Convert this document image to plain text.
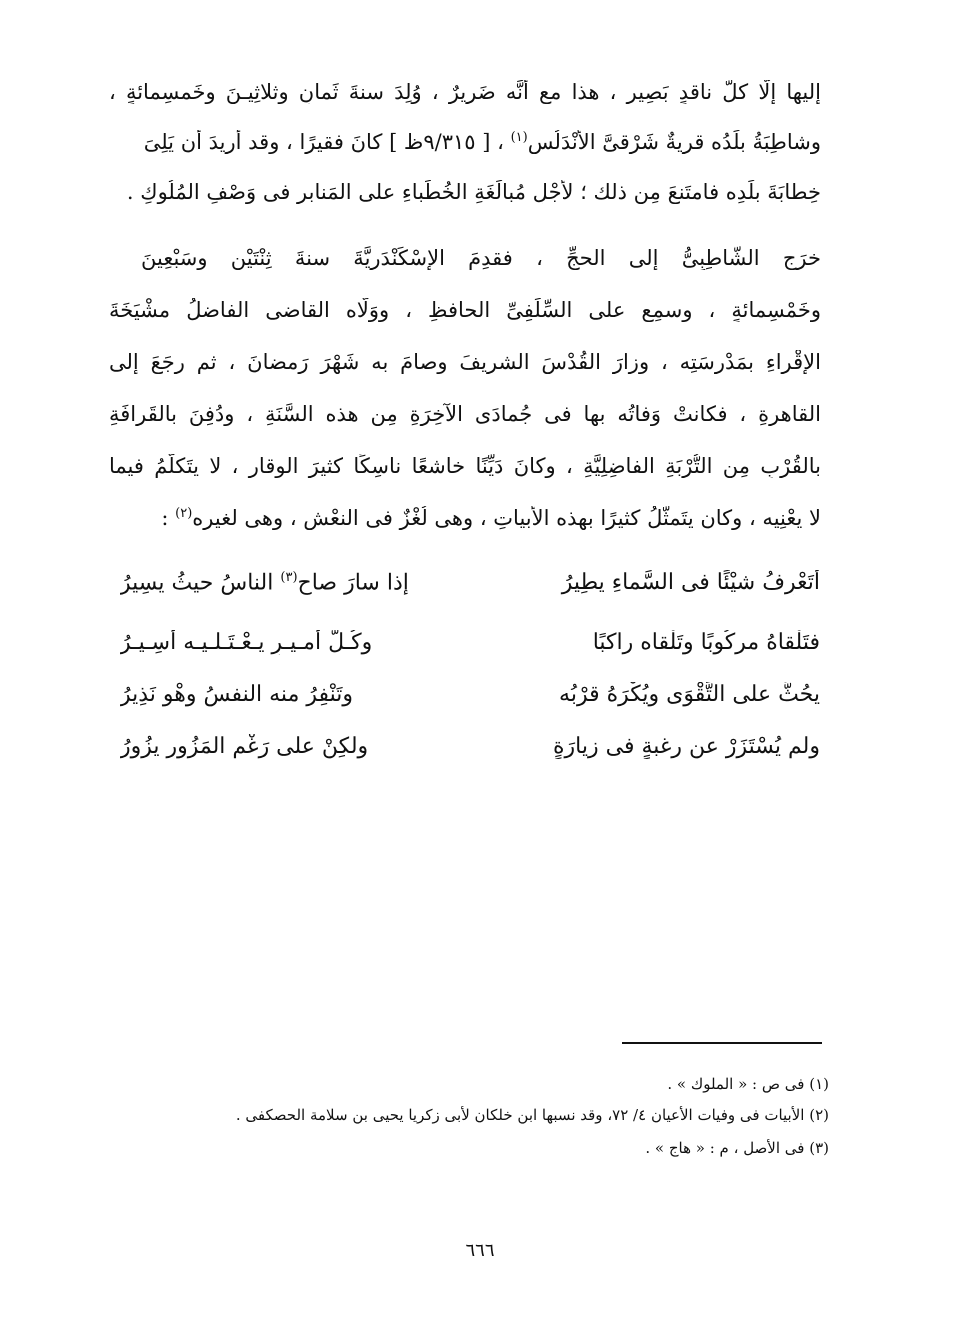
إليها إلَّا كلُّ ناقدٍ بَصِيرٍ ، هذا مع أنَّه ضَرِيرٌ ، وُلِدَ سنةَ ثَمانٍ وثلاثِيـنَ وخَمسِمائةٍ ،
وشاطِبَةُ بلَدُه قريةٌ شَرْقىَّ الأنْدَلُسِ$^{(١)}$ ، [ ٩/٣١٥ظ ] كانَ فقيرًا ، وقد أُرِيدَ أن يَلِىَ
خِطابَةَ بلَدِه فامتَنعَ مِن ذلك ؛ لأجْلِ مُبالَغَةِ الخُطَباءِ على المَنابرِ فى وَصْفِ المُلُوكِ .
خرَج الشَّاطِبِىُّ إلى الحجِّ ، فقدِمَ الإسْكَنْدَرِيَّةَ سنةَ ثِنْتَيْنِ وسَبْعِينَ
وخَمْسِمائةٍ ، وسمِع على السِّلَفِىِّ الحافظِ ، ووَلَّاه القاضى الفاضلُ مشْيَخَةَ
الإِقْراءِ بمَدْرسَتِه ، وزارَ القُدْسَ الشريفَ وصامَ به شَهْرَ رَمضانَ ، ثم رجَعَ إلى
القاهرةِ ، فكانتْ وَفاتُه بها فى جُمادَى الآخِرَةِ مِن هذه السَّنَةِ ، ودُفِنَ بالقَرافَةِ
بالقُرْبِ مِن التُّرْبَةِ الفاضِلِيَّةِ ، وكانَ دَيِّنًا خاشعًا ناسِكًا كثيرَ الوقارِ ، لا يتَكلَّمُ فيما
لا يعْنِيه ، وكان يتَمثَّلُ كثيرًا بهذه الأبياتِ ، وهى لُغْزٌ فى النعْشِ ، وهى لغيرِه$^{(٢)}$ :
أَتَعْرِفُ شيْئًا فى السَّماءِ يطِيرُ
إذا سارَ صاح$^{(٣)}$ الناسُ حيثُ يسِيرُ
فتَلْقاهُ مركُوبًا وتَلْقاه راكبًا
وكُـلُّ أمـيـرٍ يـعْـتَـلـيـه أسِـيـرُ
يحُثُّ على التَّقْوَى ويُكْرَهُ قرْبُه
وتَنْفِرُ منه النفسُ وهْو نَذِيرُ
ولم يُسْتَزَرْ عن رغبةٍ فى زيارَةٍ
ولكِنْ على رَغْمِ المَزُورِ يزُورُ
(١) فى ص : « الملوك » .
(٢) الأبيات فى وفيات الأعيان ٤/ ٧٢، وقد نسبها ابن خلكان لأبى زكريا يحيى بن سلامة الحصكفى .
(٣) فى الأصل ، م : « هاج » .
٦٦٦
